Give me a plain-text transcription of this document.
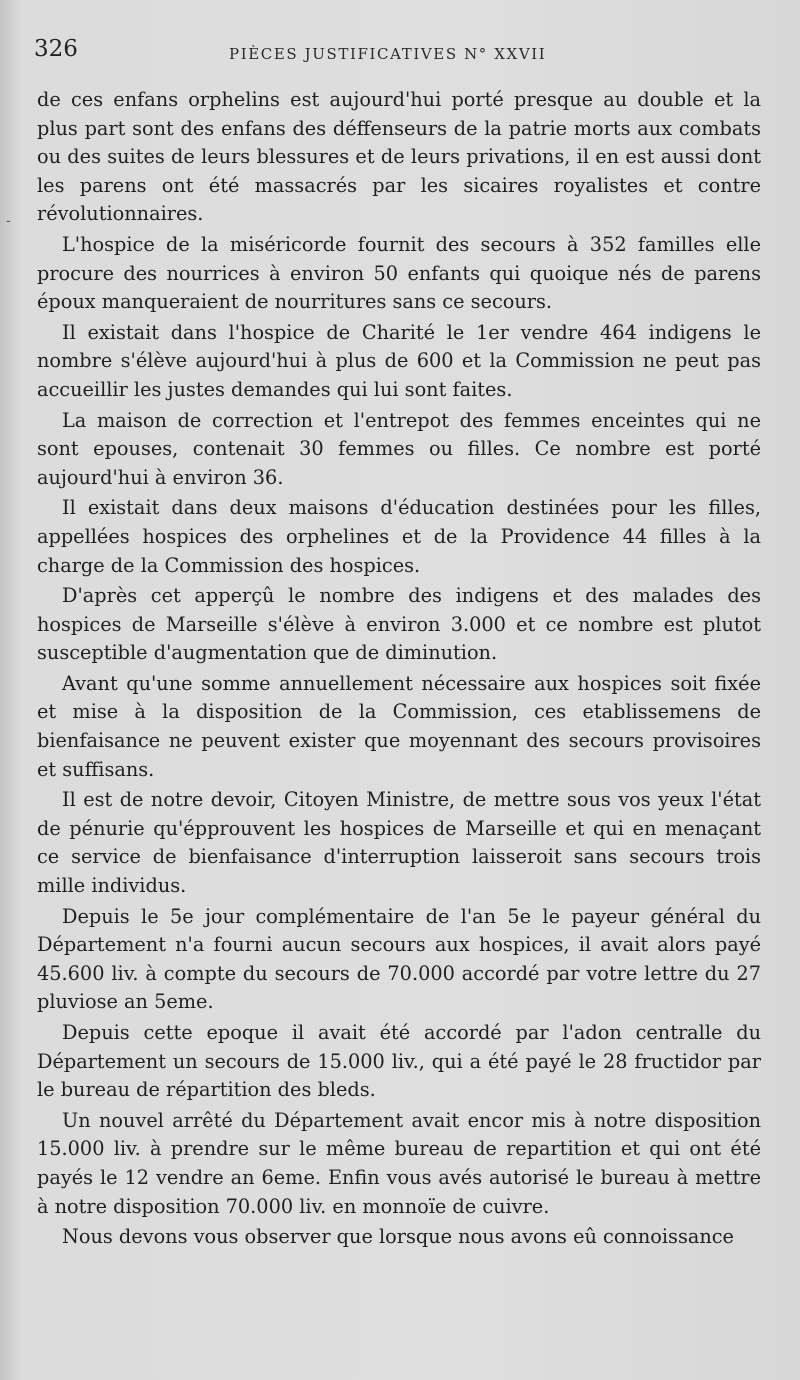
326	PIÈCES JUSTIFICATIVES N° XXVII
-

de ces enfans orphelins est aujourd'hui porté presque au double et la plus part sont des enfans des déffenseurs de la patrie morts aux combats ou des suites de leurs blessures et de leurs privations, il en est aussi dont les parens ont été massacrés par les sicaires royalistes et contre révolutionnaires.

L'hospice de la miséricorde fournit des secours à 352 familles elle procure des nourrices à environ 50 enfants qui quoique nés de parens époux manqueraient de nourritures sans ce secours.

Il existait dans l'hospice de Charité le 1er vendre 464 indigens le nombre s'élève aujourd'hui à plus de 600 et la Commission ne peut pas accueillir les justes demandes qui lui sont faites.

La maison de correction et l'entrepot des femmes enceintes qui ne sont epouses, contenait 30 femmes ou filles. Ce nombre est porté aujourd'hui à environ 36.

Il existait dans deux maisons d'éducation destinées pour les filles, appellées hospices des orphelines et de la Providence 44 filles à la charge de la Commission des hospices.

D'après cet apperçû le nombre des indigens et des malades des hospices de Marseille s'élève à environ 3.000 et ce nombre est plutot susceptible d'augmentation que de diminution.

Avant qu'une somme annuellement nécessaire aux hospices soit fixée et mise à la disposition de la Commission, ces etablissemens de bienfaisance ne peuvent exister que moyennant des secours provisoires et suffisans.

Il est de notre devoir, Citoyen Ministre, de mettre sous vos yeux l'état de pénurie qu'épprouvent les hospices de Marseille et qui en menaçant ce service de bienfaisance d'interruption laisseroit sans secours trois mille individus.

Depuis le 5e jour complémentaire de l'an 5e le payeur général du Département n'a fourni aucun secours aux hospices, il avait alors payé 45.600 liv. à compte du secours de 70.000 accordé par votre lettre du 27 pluviose an 5eme.

Depuis cette epoque il avait été accordé par l'adon centralle du Département un secours de 15.000 liv., qui a été payé le 28 fructidor par le bureau de répartition des bleds.

Un nouvel arrêté du Département avait encor mis à notre disposition 15.000 liv. à prendre sur le même bureau de repartition et qui ont été payés le 12 vendre an 6eme. Enfin vous avés autorisé le bureau à mettre à notre disposition 70.000 liv. en monnoïe de cuivre.

Nous devons vous observer que lorsque nous avons eû connoissance
